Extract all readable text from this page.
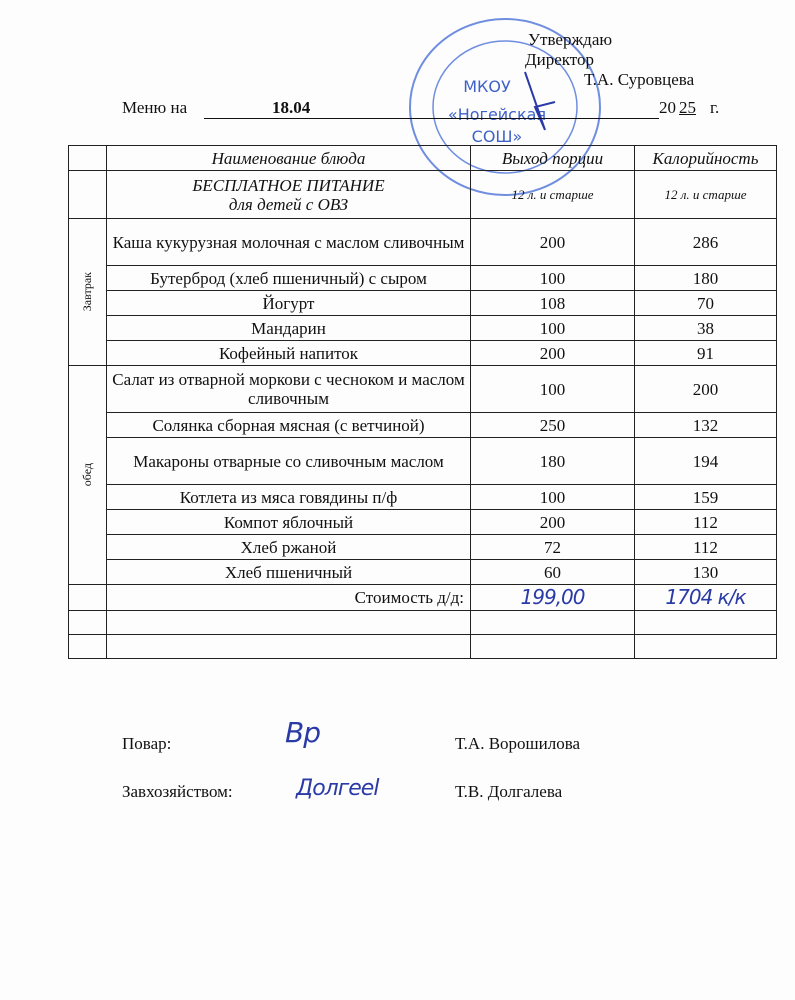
МКОУ
«Ногейская
СОШ»
Утверждаю
Директор
Т.А. Суровцева
Меню на	18.04	20 25 г.
	Наименование блюда	Выход порции	Калорийность

	БЕСПЛАТНОЕ ПИТАНИЕ
для детей с ОВЗ	12 л. и старше	12 л. и старше

Завтрак	Каша кукурузная молочная с маслом сливочным	200	286
	Бутерброд (хлеб пшеничный) с сыром	100	180
	Йогурт	108	70
	Мандарин	100	38
	Кофейный напиток	200	91

обед	Салат из отварной моркови с чесноком и маслом сливочным	100	200
	Солянка сборная мясная (с ветчиной)	250	132
	Макароны отварные со сливочным маслом	180	194
	Котлета из мяса говядины п/ф	100	159
	Компот яблочный	200	112
	Хлеб ржаной	72	112
	Хлеб пшеничный	60	130
	Стоимость д/д:	199,00	1704 к/к

Повар:	Вр	Т.А. Ворошилова
Завхозяйством:	Долгееl	Т.В. Долгалева
